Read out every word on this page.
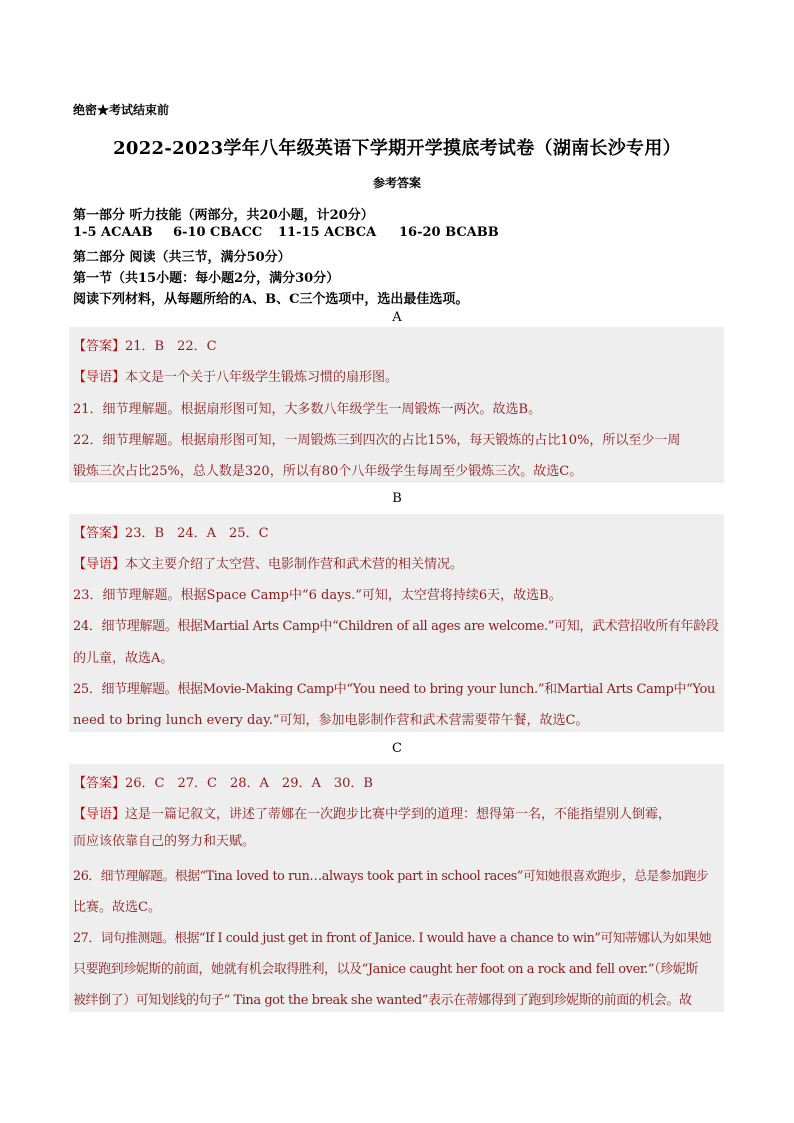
绝密★考试结束前
2022-2023学年八年级英语下学期开学摸底考试卷（湖南长沙专用）
参考答案
第一部分 听力技能（两部分，共20小题，计20分）
1-5 ACAAB 6-10 CBACC 11-15 ACBCA 16-20 BCABB
第二部分 阅读（共三节，满分50分）
第一节（共15小题：每小题2分，满分30分）
阅读下列材料，从每题所给的A、B、C三个选项中，选出最佳选项。
A
【答案】21．B　22．C
【导语】本文是一个关于八年级学生锻炼习惯的扇形图。
21．细节理解题。根据扇形图可知，大多数八年级学生一周锻炼一两次。故选B。
22．细节理解题。根据扇形图可知，一周锻炼三到四次的占比15%，每天锻炼的占比10%，所以至少一周
锻炼三次占比25%，总人数是320，所以有80个八年级学生每周至少锻炼三次。故选C。
B
【答案】23．B　24．A　25．C
【导语】本文主要介绍了太空营、电影制作营和武术营的相关情况。
23．细节理解题。根据Space Camp中“6 days.”可知，太空营将持续6天，故选B。
24．细节理解题。根据Martial Arts Camp中“Children of all ages are welcome.”可知，武术营招收所有年龄段
的儿童，故选A。
25．细节理解题。根据Movie-Making Camp中“You need to bring your lunch.”和Martial Arts Camp中“You
need to bring lunch every day.”可知，参加电影制作营和武术营需要带午餐，故选C。
C
【答案】26．C　27．C　28．A　29．A　30．B
【导语】这是一篇记叙文，讲述了蒂娜在一次跑步比赛中学到的道理：想得第一名，不能指望别人倒霉，
而应该依靠自己的努力和天赋。
26．细节理解题。根据“Tina loved to run…always took part in school races”可知她很喜欢跑步，总是参加跑步
比赛。故选C。
27．词句推测题。根据“If I could just get in front of Janice. I would have a chance to win”可知蒂娜认为如果她
只要跑到珍妮斯的前面，她就有机会取得胜利，以及“Janice caught her foot on a rock and fell over.”（珍妮斯
被绊倒了）可知划线的句子“ Tina got the break she wanted”表示在蒂娜得到了跑到珍妮斯的前面的机会。故
